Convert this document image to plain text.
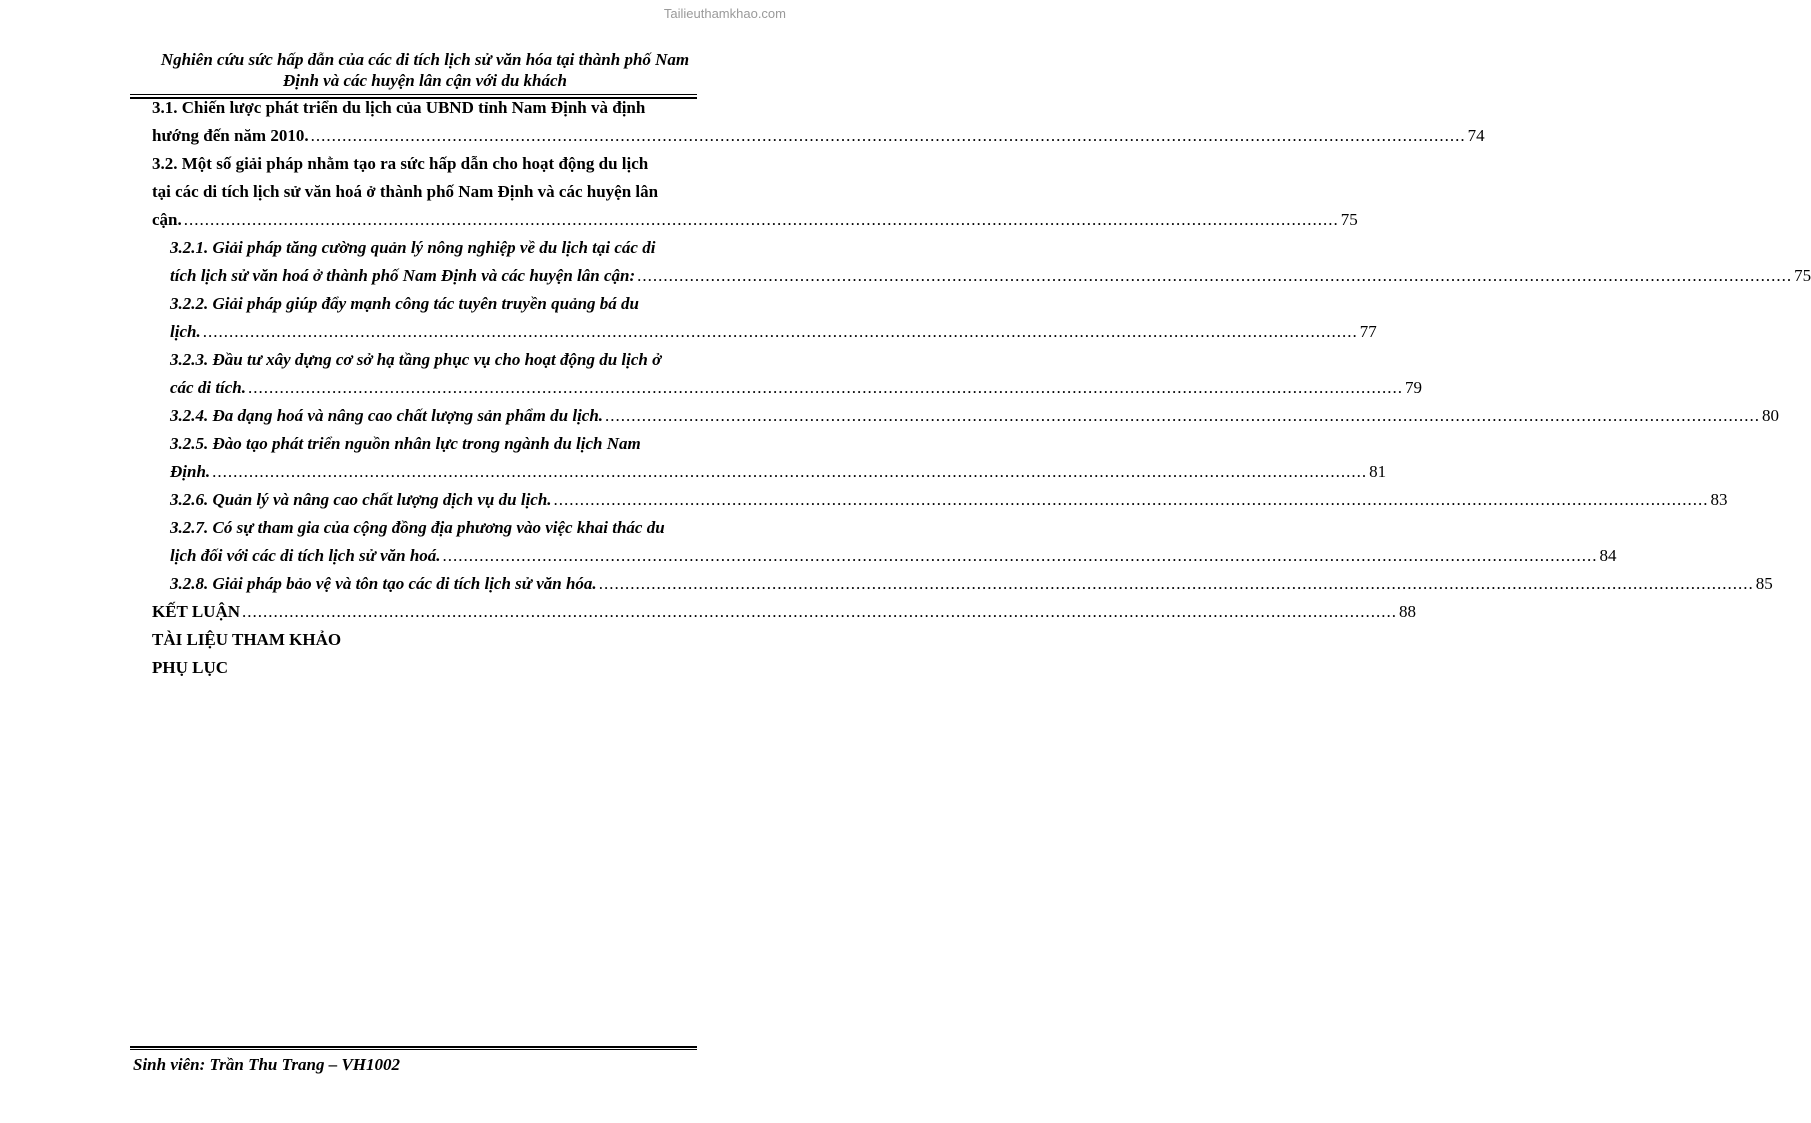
Tailieuthamkhao.com
Nghiên cứu sức hấp dẫn của các di tích lịch sử văn hóa tại thành phố Nam
Định và các huyện lân cận với du khách

3.1. Chiến lược phát triển du lịch của UBND tỉnh Nam Định và định

hướng đến năm 2010. ............................................................................................................................................................................................................................ 74

3.2. Một số giải pháp nhằm tạo ra sức hấp dẫn cho hoạt động du lịch

tại các di tích lịch sử văn hoá ở thành phố Nam Định và các huyện lân

cận. ............................................................................................................................................................................................................................ 75

3.2.1. Giải pháp tăng cường quản lý nông nghiệp về du lịch tại các di

tích lịch sử văn hoá ở thành phố Nam Định và các huyện lân cận: ............................................................................................................................................................................................................................ 75

3.2.2. Giải pháp giúp đẩy mạnh công tác tuyên truyền quảng bá du

lịch. ............................................................................................................................................................................................................................ 77

3.2.3. Đầu tư xây dựng cơ sở hạ tầng phục vụ cho hoạt động du lịch ở

các di tích. ............................................................................................................................................................................................................................ 79

3.2.4. Đa dạng hoá và nâng cao chất lượng sản phẩm du lịch. ............................................................................................................................................................................................................................ 80

3.2.5. Đào tạo phát triển nguồn nhân lực trong ngành du lịch Nam

Định. ............................................................................................................................................................................................................................ 81

3.2.6. Quản lý và nâng cao chất lượng dịch vụ du lịch. ............................................................................................................................................................................................................................ 83

3.2.7. Có sự tham gia của cộng đồng địa phương vào việc khai thác du

lịch đối với các di tích lịch sử văn hoá. ............................................................................................................................................................................................................................ 84

3.2.8. Giải pháp bảo vệ và tôn tạo các di tích lịch sử văn hóa. ............................................................................................................................................................................................................................ 85

KẾT LUẬN ............................................................................................................................................................................................................................ 88

TÀI LIỆU THAM KHẢO

PHỤ LỤC

Sinh viên: Trần Thu Trang – VH1002
